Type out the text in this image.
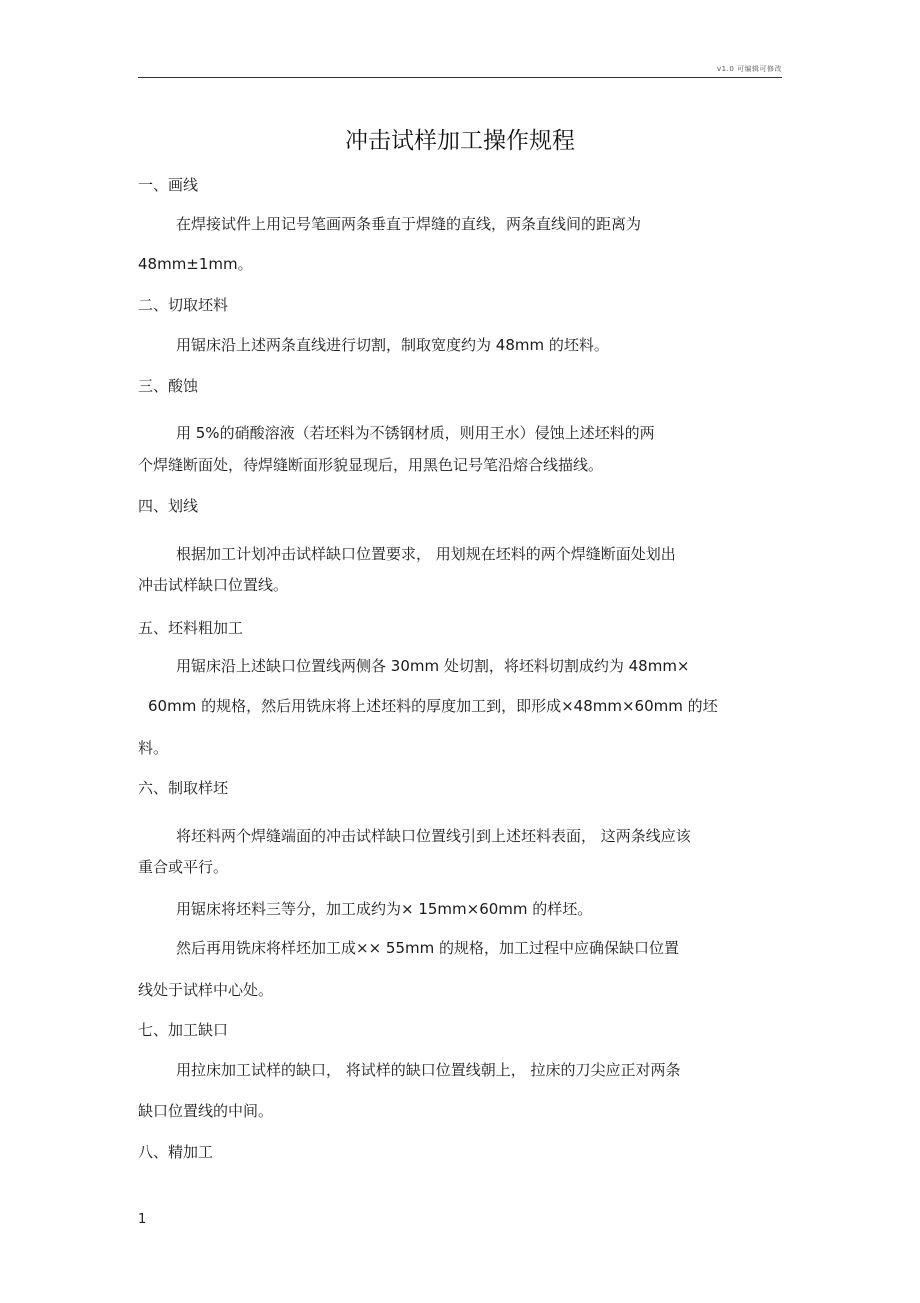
v1.0 可编辑可修改
冲击试样加工操作规程
一、画线
在焊接试件上用记号笔画两条垂直于焊缝的直线，两条直线间的距离为
48mm±1mm。
二、切取坯料
用锯床沿上述两条直线进行切割，制取宽度约为 48mm 的坯料。
三、酸蚀
用 5%的硝酸溶液（若坯料为不锈钢材质，则用王水）侵蚀上述坯料的两
个焊缝断面处，待焊缝断面形貌显现后，用黑色记号笔沿熔合线描线。
四、划线
根据加工计划冲击试样缺口位置要求， 用划规在坯料的两个焊缝断面处划出
冲击试样缺口位置线。
五、坯料粗加工
用锯床沿上述缺口位置线两侧各 30mm 处切割，将坯料切割成约为 48mm×
60mm 的规格，然后用铣床将上述坯料的厚度加工到，即形成×48mm×60mm 的坯
料。
六、制取样坯
将坯料两个焊缝端面的冲击试样缺口位置线引到上述坯料表面， 这两条线应该
重合或平行。
用锯床将坯料三等分，加工成约为× 15mm×60mm 的样坯。
然后再用铣床将样坯加工成×× 55mm 的规格，加工过程中应确保缺口位置
线处于试样中心处。
七、加工缺口
用拉床加工试样的缺口， 将试样的缺口位置线朝上， 拉床的刀尖应正对两条
缺口位置线的中间。
八、精加工
1
